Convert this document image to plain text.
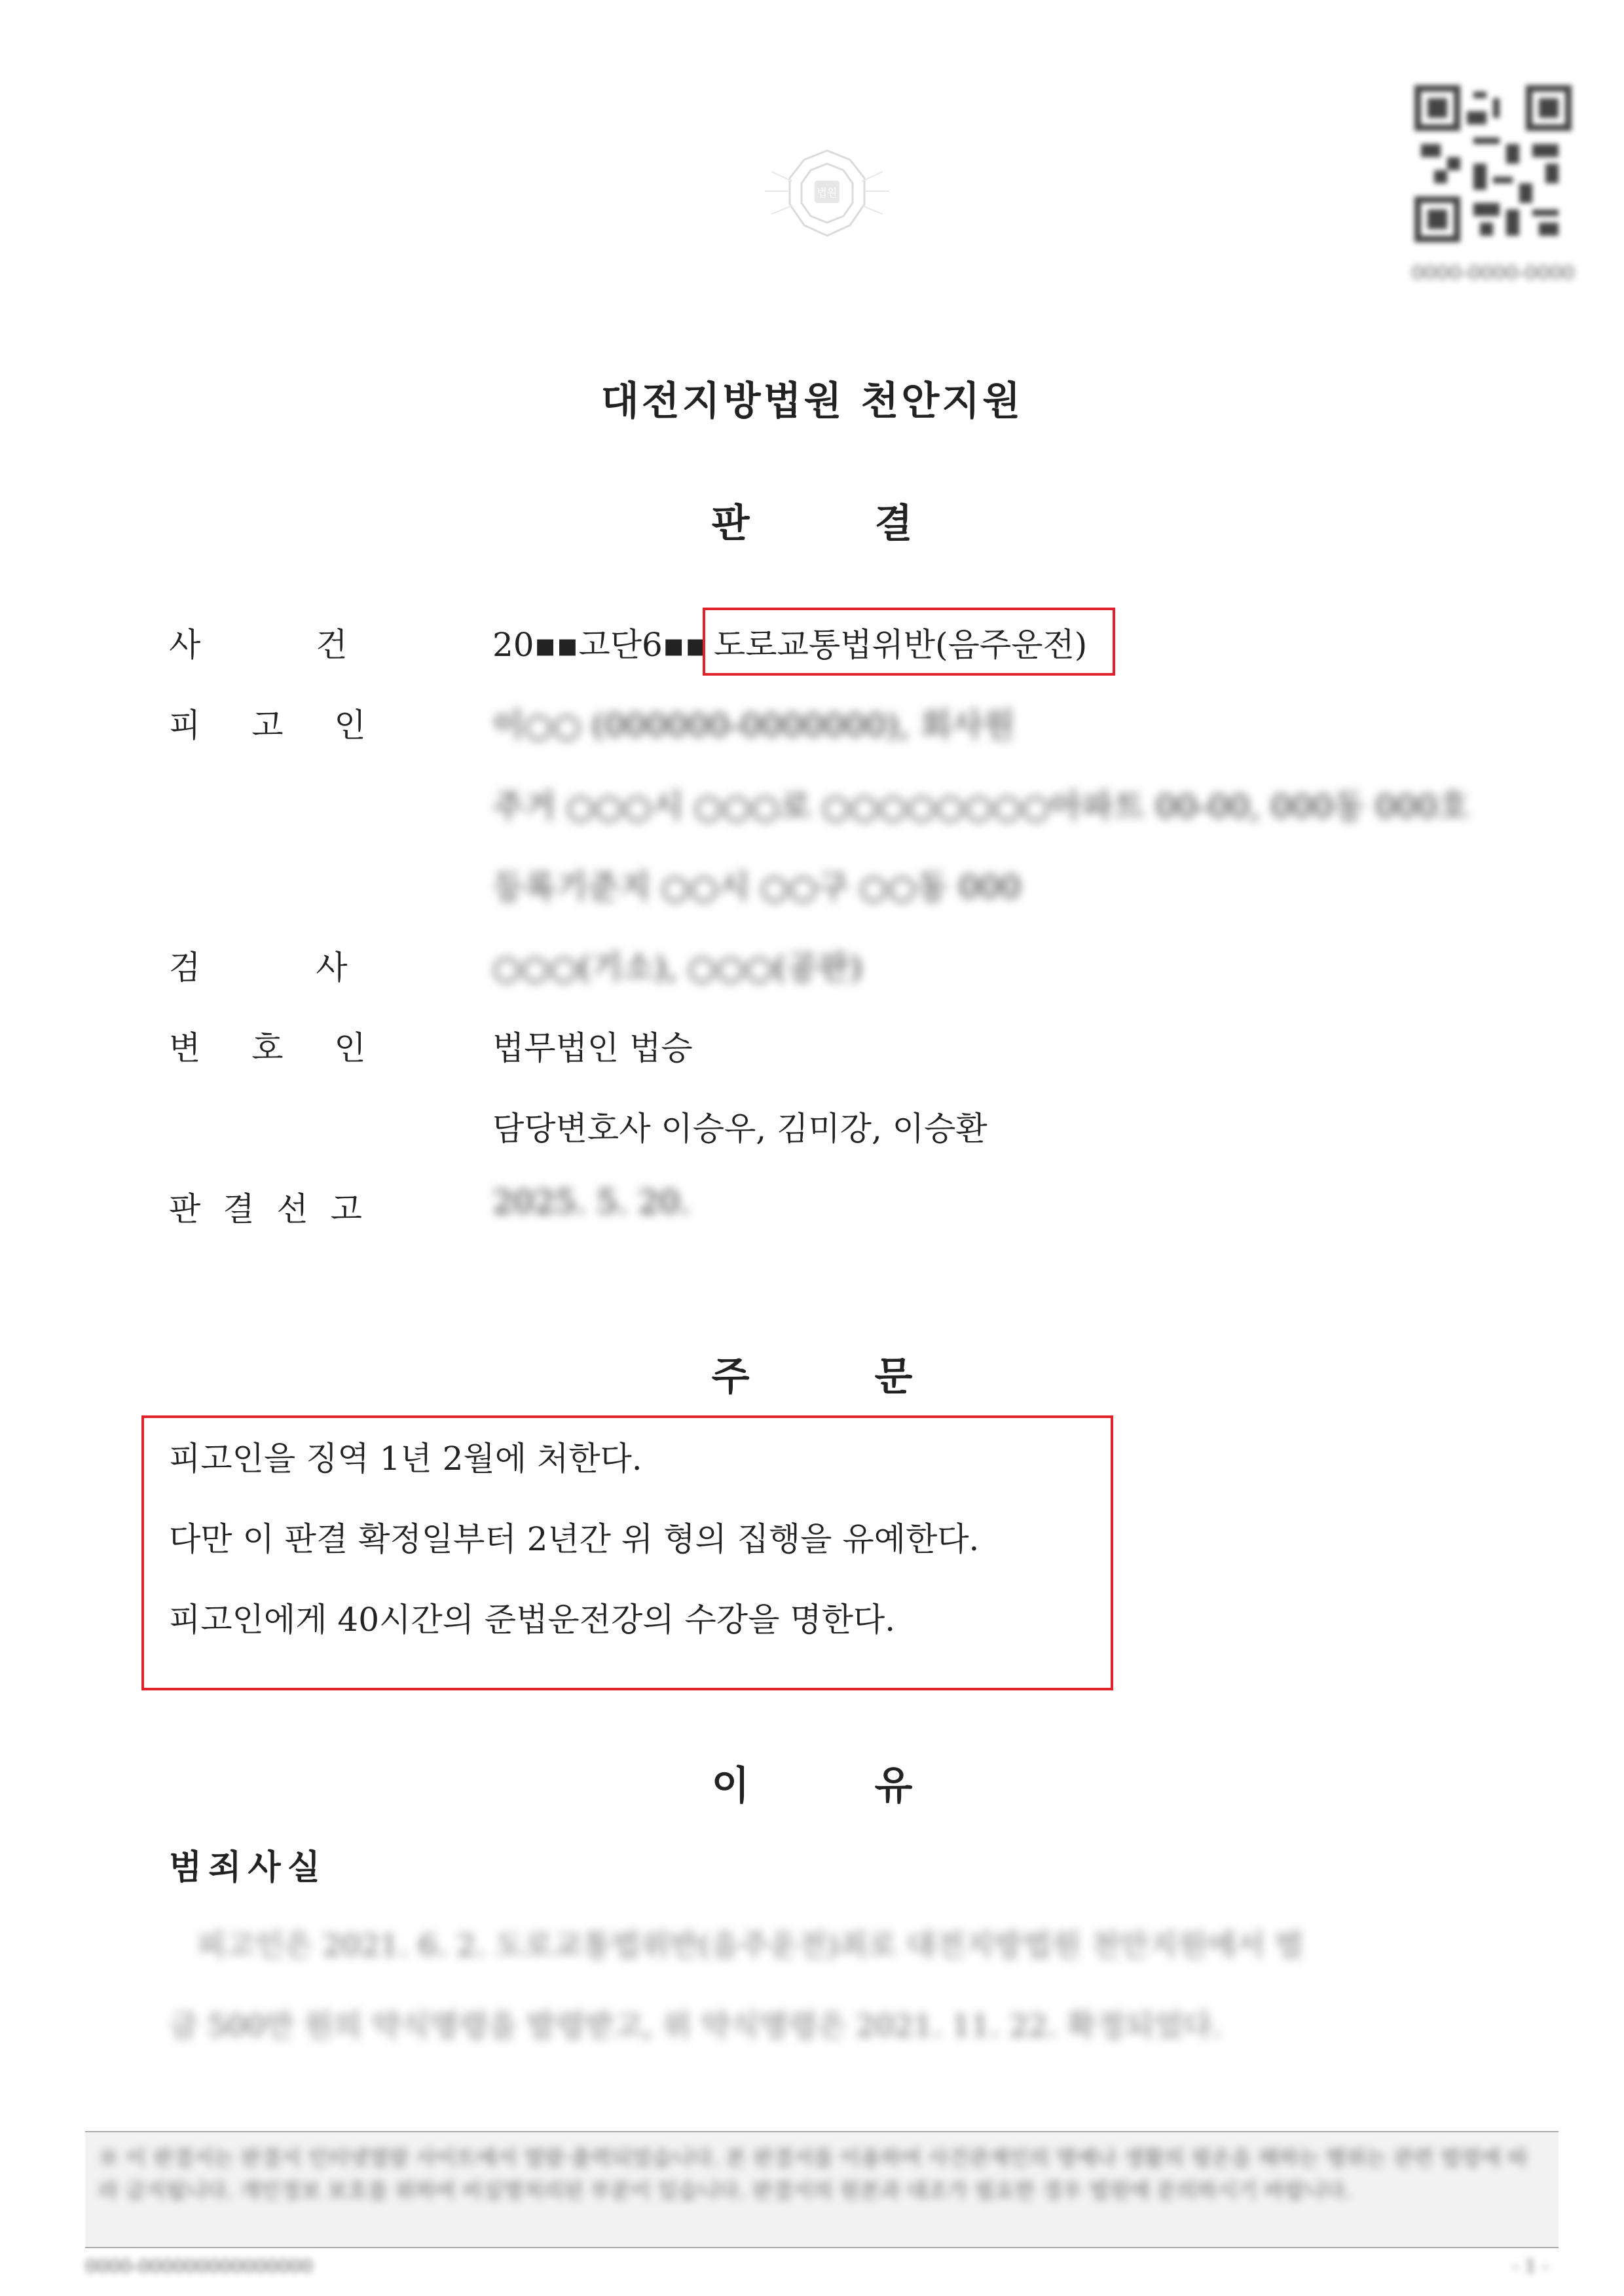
법원
0000-0000-0000
대전지방법원 천안지원
판 결
사 건	20▪▪고단6▪▪ 도로교통법위반(음주운전)
피 고 인	이○○ (000000-0000000), 회사원
주거 ○○○시 ○○○로 ○○○○○○○○아파트 00-00, 000동 000호
등록기준지 ○○시 ○○구 ○○동 000
검 사	○○○(기소), ○○○(공판)
변 호 인	법무법인 법승
담당변호사 이승우, 김미강, 이승환
판 결 선 고	2025. 5. 20.
주 문
피고인을 징역 1년 2월에 처한다.
다만 이 판결 확정일부터 2년간 위 형의 집행을 유예한다.
피고인에게 40시간의 준법운전강의 수강을 명한다.
이 유
범죄사실
피고인은 2021. 6. 2. 도로교통법위반(음주운전)죄로 대전지방법원 천안지원에서 벌
금 500만 원의 약식명령을 발령받고, 위 약식명령은 2021. 11. 22. 확정되었다.
※ 이 판결서는 판결서 인터넷열람 사이트에서 열람·출력되었습니다. 본 판결서를 이용하여 사건관계인의 명예나 생활의 평온을 해하는 행위는 관련 법령에 따라 금지됩니다. 개인정보 보호를 위하여 비실명처리된 부분이 있습니다. 판결서의 원본과 대조가 필요한 경우 법원에 문의하시기 바랍니다.
0000-000000000000000	- 1 -
